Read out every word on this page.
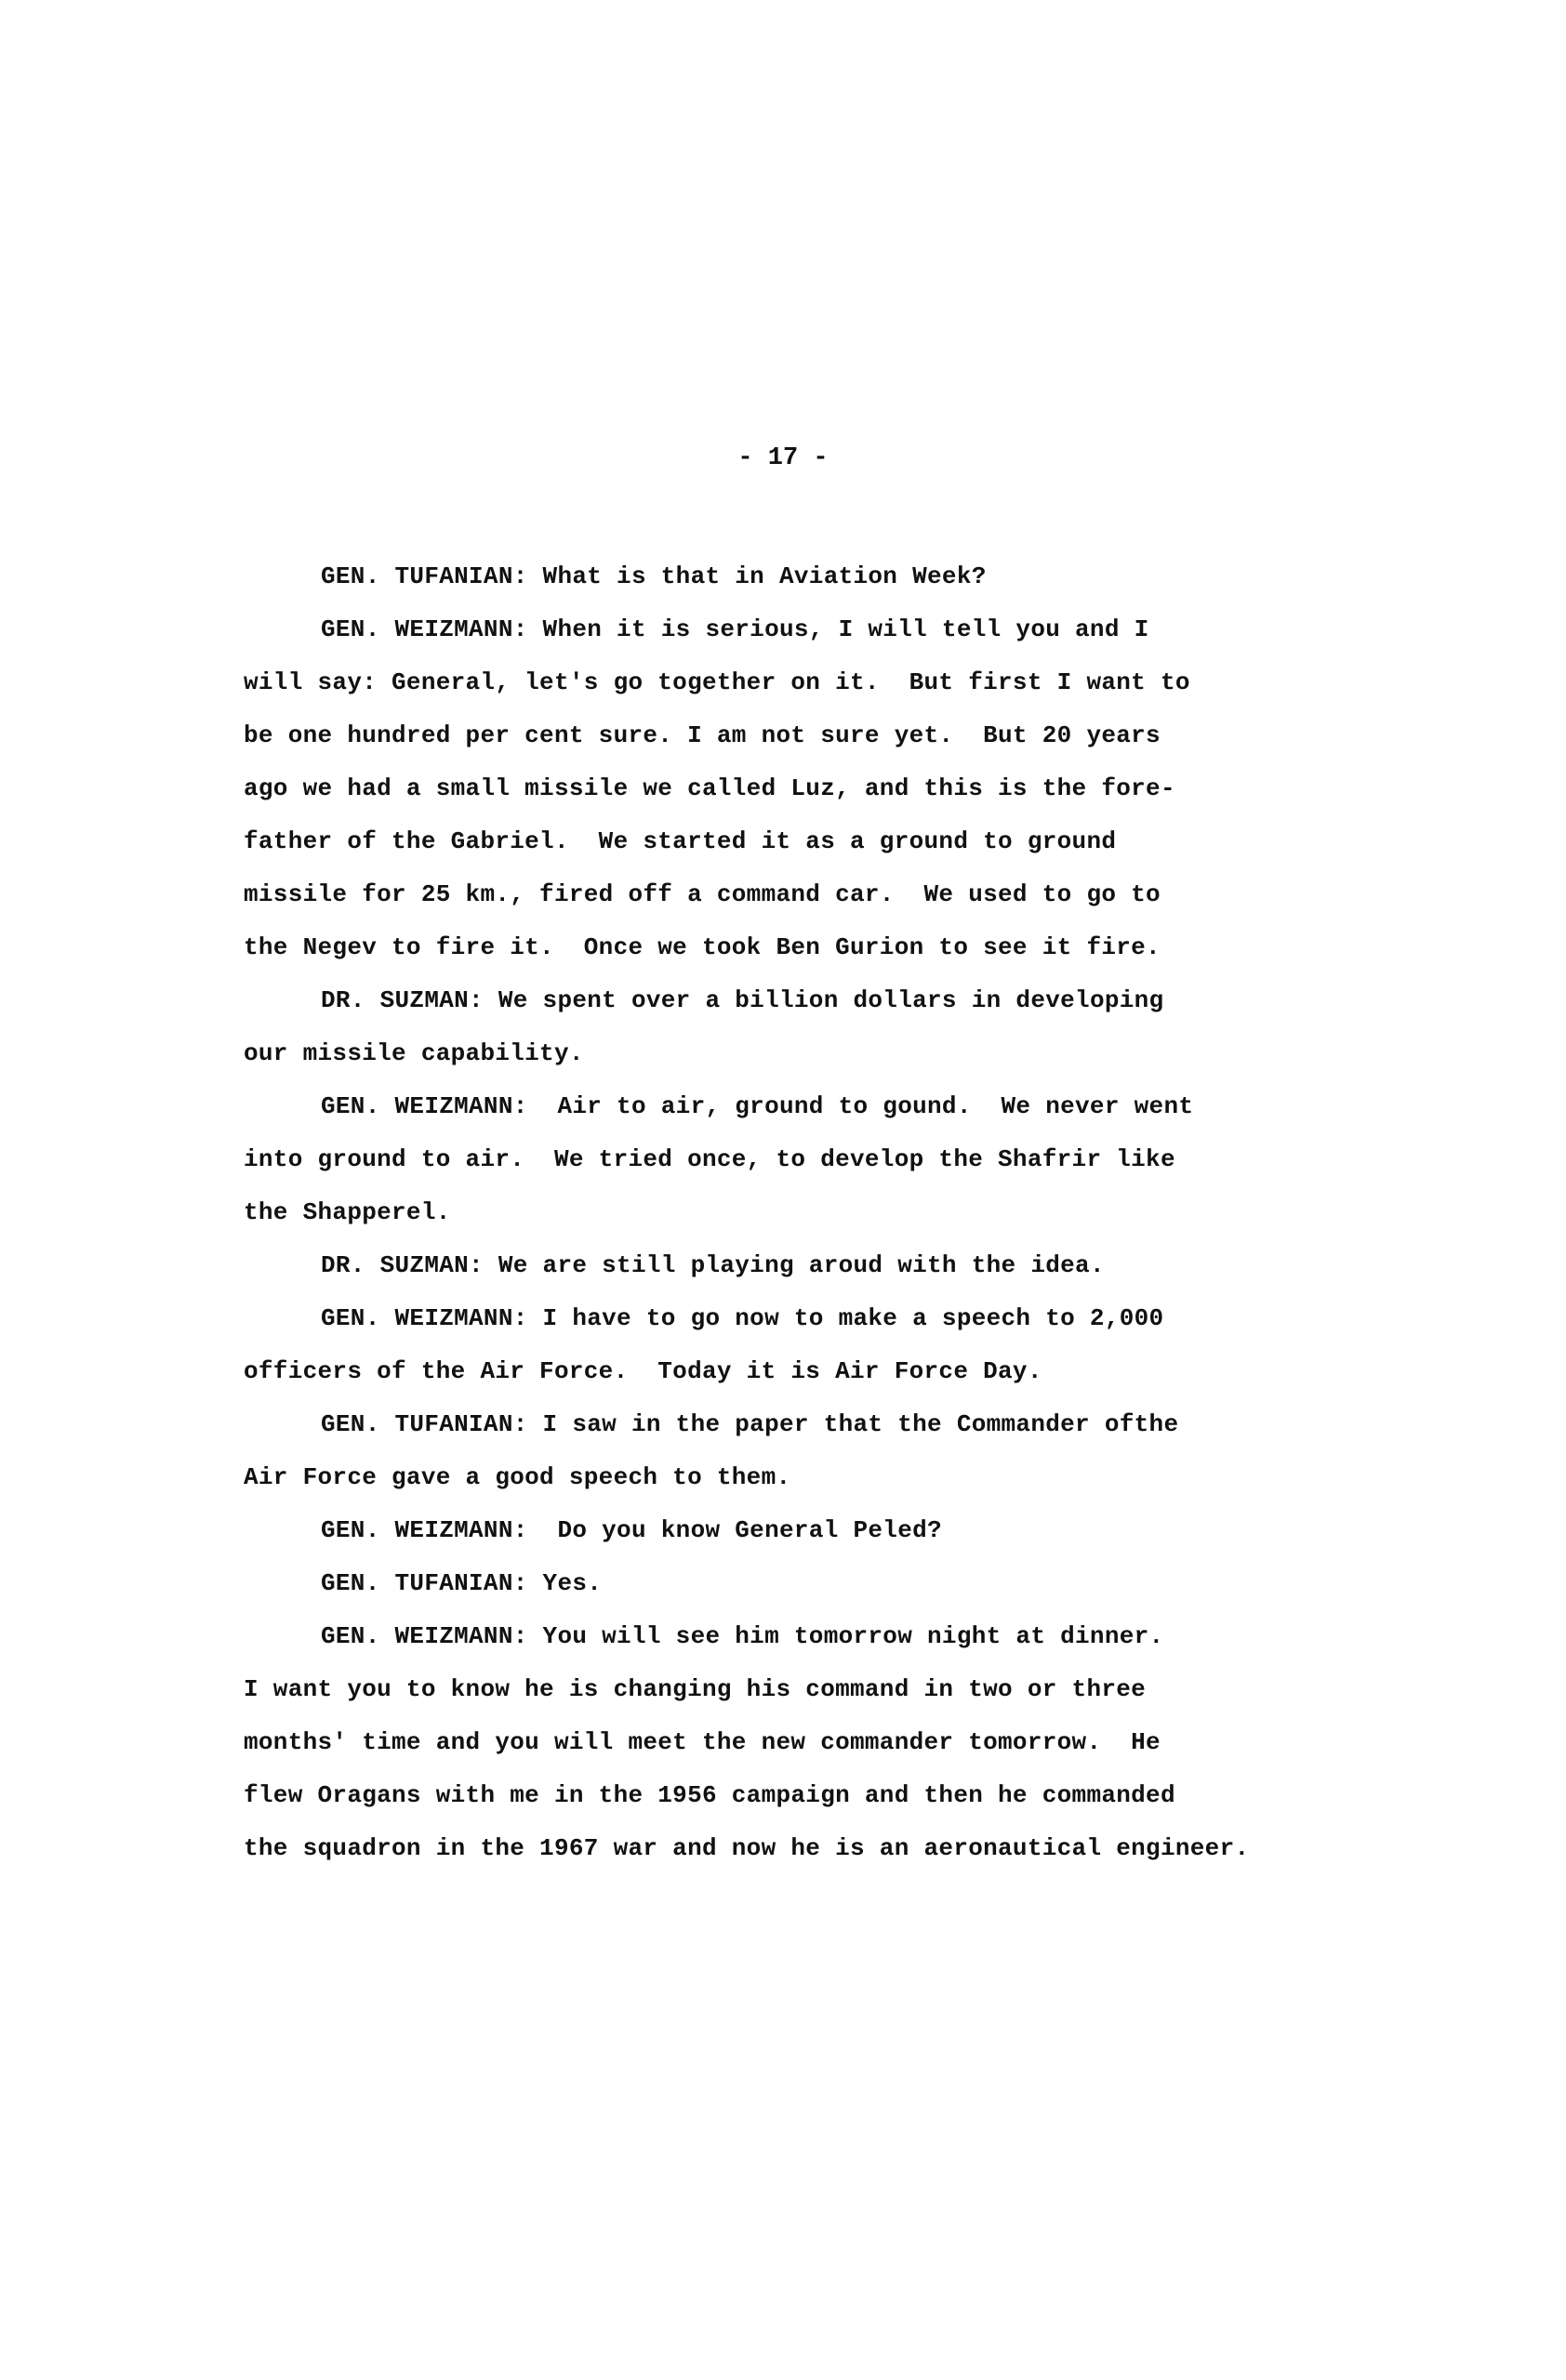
- 17 -
GEN. TUFANIAN: What is that in Aviation Week?
GEN. WEIZMANN: When it is serious, I will tell you and I
will say: General, let's go together on it.  But first I want to
be one hundred per cent sure. I am not sure yet.  But 20 years
ago we had a small missile we called Luz, and this is the fore-
father of the Gabriel.  We started it as a ground to ground
missile for 25 km., fired off a command car.  We used to go to
the Negev to fire it.  Once we took Ben Gurion to see it fire.
DR. SUZMAN: We spent over a billion dollars in developing
our missile capability.
GEN. WEIZMANN:  Air to air, ground to gound.  We never went
into ground to air.  We tried once, to develop the Shafrir like
the Shapperel.
DR. SUZMAN: We are still playing aroud with the idea.
GEN. WEIZMANN: I have to go now to make a speech to 2,000
officers of the Air Force.  Today it is Air Force Day.
GEN. TUFANIAN: I saw in the paper that the Commander ofthe
Air Force gave a good speech to them.
GEN. WEIZMANN:  Do you know General Peled?
GEN. TUFANIAN: Yes.
GEN. WEIZMANN: You will see him tomorrow night at dinner.
I want you to know he is changing his command in two or three
months' time and you will meet the new commander tomorrow.  He
flew Oragans with me in the 1956 campaign and then he commanded
the squadron in the 1967 war and now he is an aeronautical engineer.
